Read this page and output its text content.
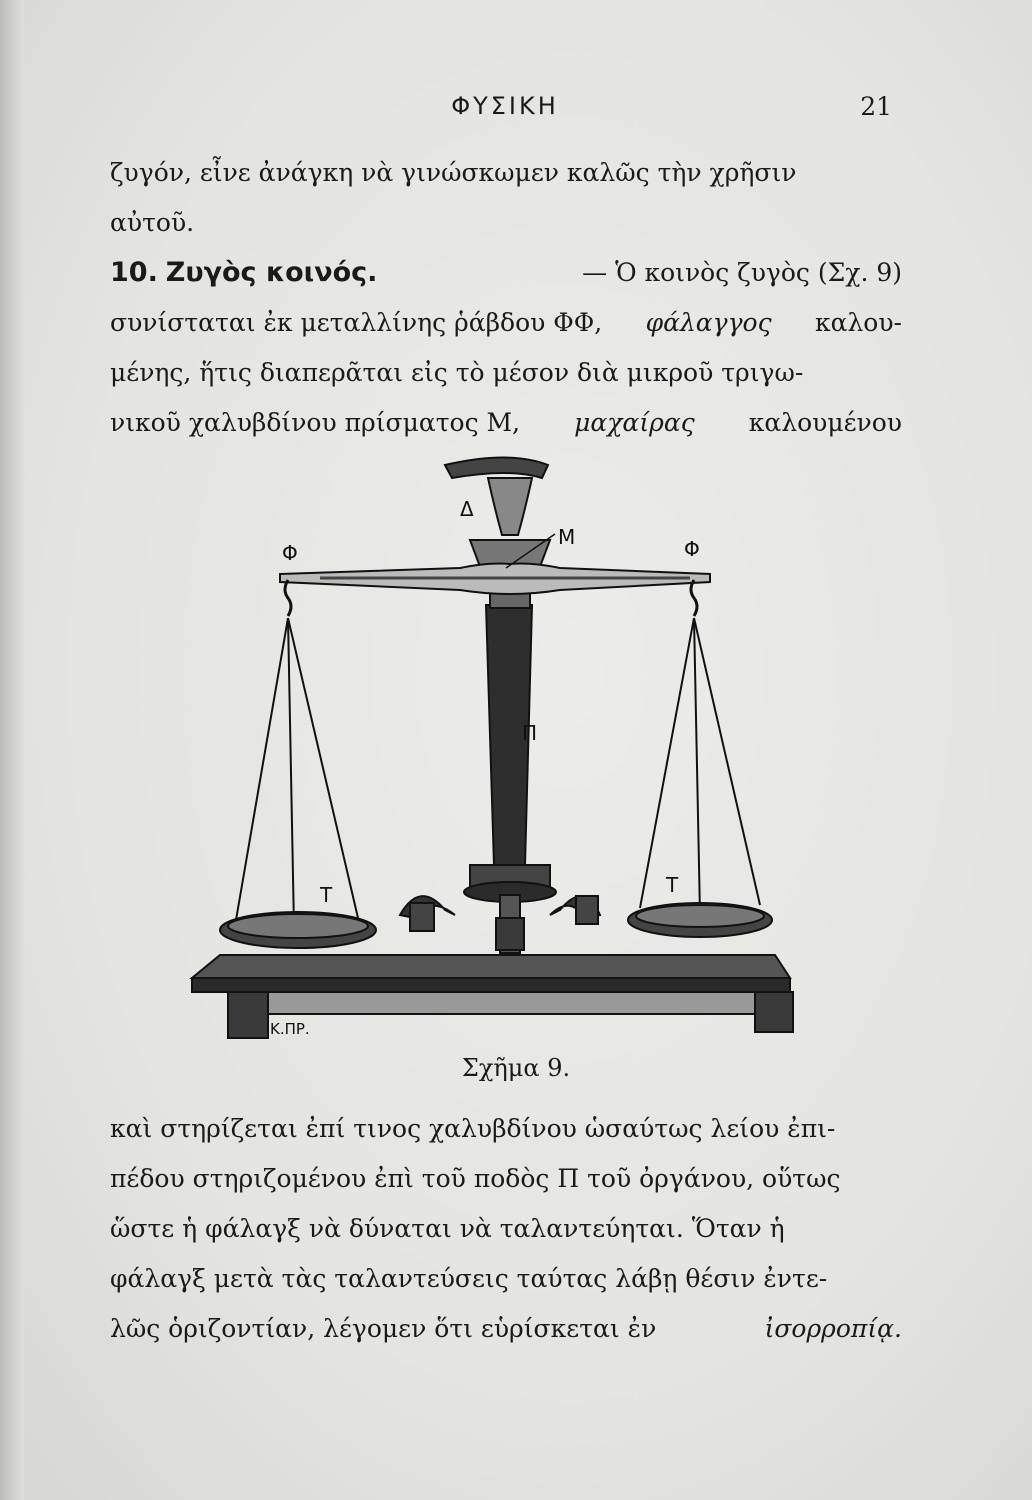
ΦΥΣΙΚΗ	21
ζυγόν, εἶνε ἀνάγκη νὰ γινώσκωμεν καλῶς τὴν χρῆσιν
αὐτοῦ.
10. Ζυγὸς κοινός.	— Ὁ κοινὸς ζυγὸς (Σχ. 9)
συνίσταται ἐκ μεταλλίνης ῥάβδου ΦΦ, φάλαγγος καλου-
μένης, ἥτις διαπερᾶται εἰς τὸ μέσον διὰ μικροῦ τριγω-
νικοῦ χαλυβδίνου πρίσματος Μ, μαχαίρας καλουμένου
Δ
Μ
Φ	Φ
Π
Τ	Τ
Κ.ΠΡ.
Σχῆμα 9.
καὶ στηρίζεται ἐπί τινος χαλυβδίνου ὡσαύτως λείου ἐπι-
πέδου στηριζομένου ἐπὶ τοῦ ποδὸς Π τοῦ ὀργάνου, οὕτως
ὥστε ἡ φάλαγξ νὰ δύναται νὰ ταλαντεύηται. Ὅταν ἡ
φάλαγξ μετὰ τὰς ταλαντεύσεις ταύτας λάβῃ θέσιν ἐντε-
λῶς ὁριζοντίαν, λέγομεν ὅτι εὑρίσκεται ἐν	ἰσορροπίᾳ.
